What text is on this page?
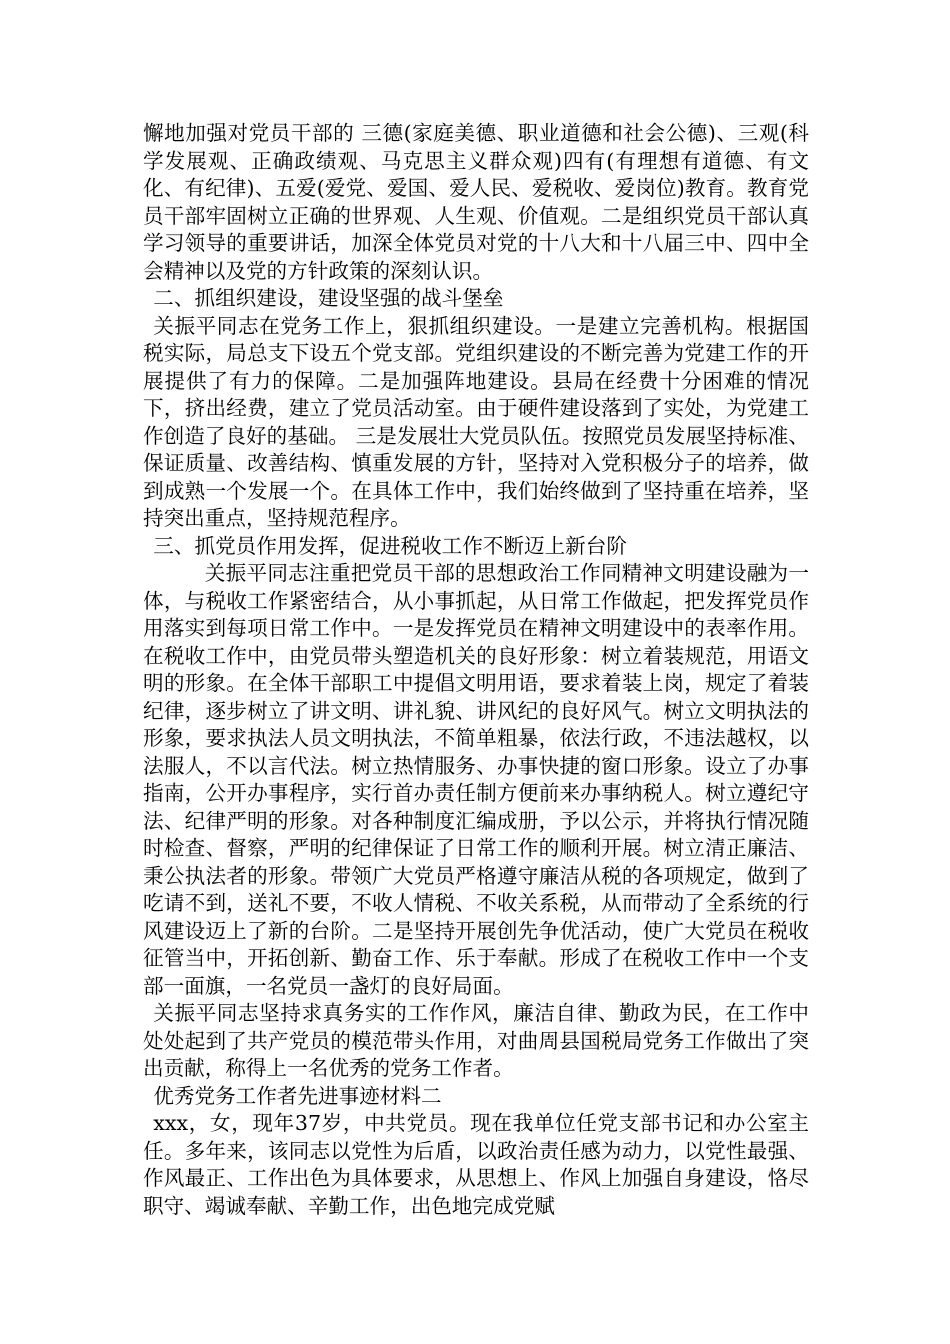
懈地加强对党员干部的 三德(家庭美德、职业道德和社会公德)、三观(科学发展观、正确政绩观、马克思主义群众观)四有(有理想有道德、有文化、有纪律)、五爱(爱党、爱国、爱人民、爱税收、爱岗位)教育。教育党员干部牢固树立正确的世界观、人生观、价值观。二是组织党员干部认真学习领导的重要讲话，加深全体党员对党的十八大和十八届三中、四中全会精神以及党的方针政策的深刻认识。

二、抓组织建设，建设坚强的战斗堡垒

关振平同志在党务工作上，狠抓组织建设。一是建立完善机构。根据国税实际，局总支下设五个党支部。党组织建设的不断完善为党建工作的开展提供了有力的保障。二是加强阵地建设。县局在经费十分困难的情况下，挤出经费，建立了党员活动室。由于硬件建设落到了实处，为党建工作创造了良好的基础。 三是发展壮大党员队伍。按照党员发展坚持标准、保证质量、改善结构、慎重发展的方针，坚持对入党积极分子的培养，做到成熟一个发展一个。在具体工作中，我们始终做到了坚持重在培养，坚持突出重点，坚持规范程序。

三、抓党员作用发挥，促进税收工作不断迈上新台阶

关振平同志注重把党员干部的思想政治工作同精神文明建设融为一体，与税收工作紧密结合，从小事抓起，从日常工作做起，把发挥党员作用落实到每项日常工作中。一是发挥党员在精神文明建设中的表率作用。在税收工作中，由党员带头塑造机关的良好形象：树立着装规范，用语文明的形象。在全体干部职工中提倡文明用语，要求着装上岗，规定了着装纪律，逐步树立了讲文明、讲礼貌、讲风纪的良好风气。树立文明执法的形象，要求执法人员文明执法，不简单粗暴，依法行政，不违法越权，以法服人，不以言代法。树立热情服务、办事快捷的窗口形象。设立了办事指南，公开办事程序，实行首办责任制方便前来办事纳税人。树立遵纪守法、纪律严明的形象。对各种制度汇编成册，予以公示，并将执行情况随时检查、督察，严明的纪律保证了日常工作的顺利开展。树立清正廉洁、秉公执法者的形象。带领广大党员严格遵守廉洁从税的各项规定，做到了吃请不到，送礼不要，不收人情税、不收关系税，从而带动了全系统的行风建设迈上了新的台阶。二是坚持开展创先争优活动，使广大党员在税收征管当中，开拓创新、勤奋工作、乐于奉献。形成了在税收工作中一个支部一面旗，一名党员一盏灯的良好局面。

关振平同志坚持求真务实的工作作风，廉洁自律、勤政为民，在工作中处处起到了共产党员的模范带头作用，对曲周县国税局党务工作做出了突出贡献，称得上一名优秀的党务工作者。

优秀党务工作者先进事迹材料二

xxx，女，现年37岁，中共党员。现在我单位任党支部书记和办公室主任。多年来，该同志以党性为后盾，以政治责任感为动力，以党性最强、作风最正、工作出色为具体要求，从思想上、作风上加强自身建设，恪尽职守、竭诚奉献、辛勤工作，出色地完成党赋
